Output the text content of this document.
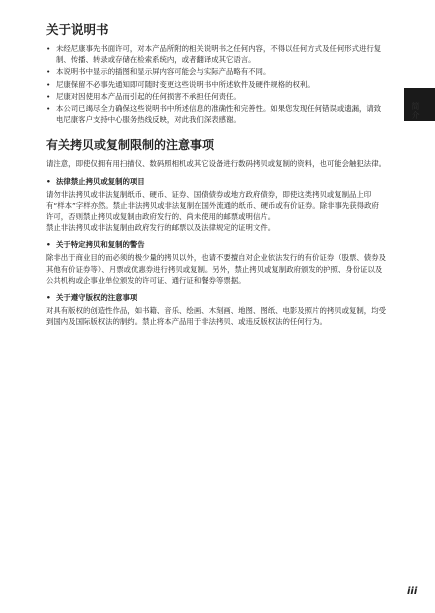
关于说明书
• 未经尼康事先书面许可，对本产品所附的相关说明书之任何内容，不得以任何方式及任何形式进行复制、传播、转录或存储在检索系统内，或者翻译成其它语言。
• 本说明书中显示的插图和显示屏内容可能会与实际产品略有不同。
• 尼康保留不必事先通知即可随时变更这些说明书中所述软件及硬件规格的权利。
• 尼康对因使用本产品而引起的任何损害不承担任何责任。
• 本公司已竭尽全力确保这些说明书中所述信息的准确性和完善性。如果您发现任何错误或遗漏，请致电尼康客户支持中心服务热线反映，对此我们深表感谢。
有关拷贝或复制限制的注意事项

请注意，即使仅拥有用扫描仪、数码照相机或其它设备进行数码拷贝或复制的资料，也可能会触犯法律。

• 法律禁止拷贝或复制的项目

请勿非法拷贝或非法复制纸币、硬币、证券、国债债券或地方政府债券，即使这类拷贝或复制品上印有“样本”字样亦然。禁止非法拷贝或非法复制在国外流通的纸币、硬币或有价证券。除非事先获得政府许可，否则禁止拷贝或复制由政府发行的、尚未使用的邮票或明信片。

禁止非法拷贝或非法复制由政府发行的邮票以及法律规定的证明文件。

• 关于特定拷贝和复制的警告

除非出于商业目的而必须的极少量的拷贝以外，也请不要擅自对企业依法发行的有价证券（股票、债券及其他有价证券等）、月票或优惠券进行拷贝或复制。另外，禁止拷贝或复制政府颁发的护照、身份证以及公共机构或企事业单位颁发的许可证、通行证和餐券等票据。

• 关于遵守版权的注意事项

对具有版权的创造性作品，如书籍、音乐、绘画、木刻画、地图、图纸、电影及照片的拷贝或复制，均受到国内及国际版权法的制约。禁止将本产品用于非法拷贝、或违反版权法的任何行为。

简介
iii
